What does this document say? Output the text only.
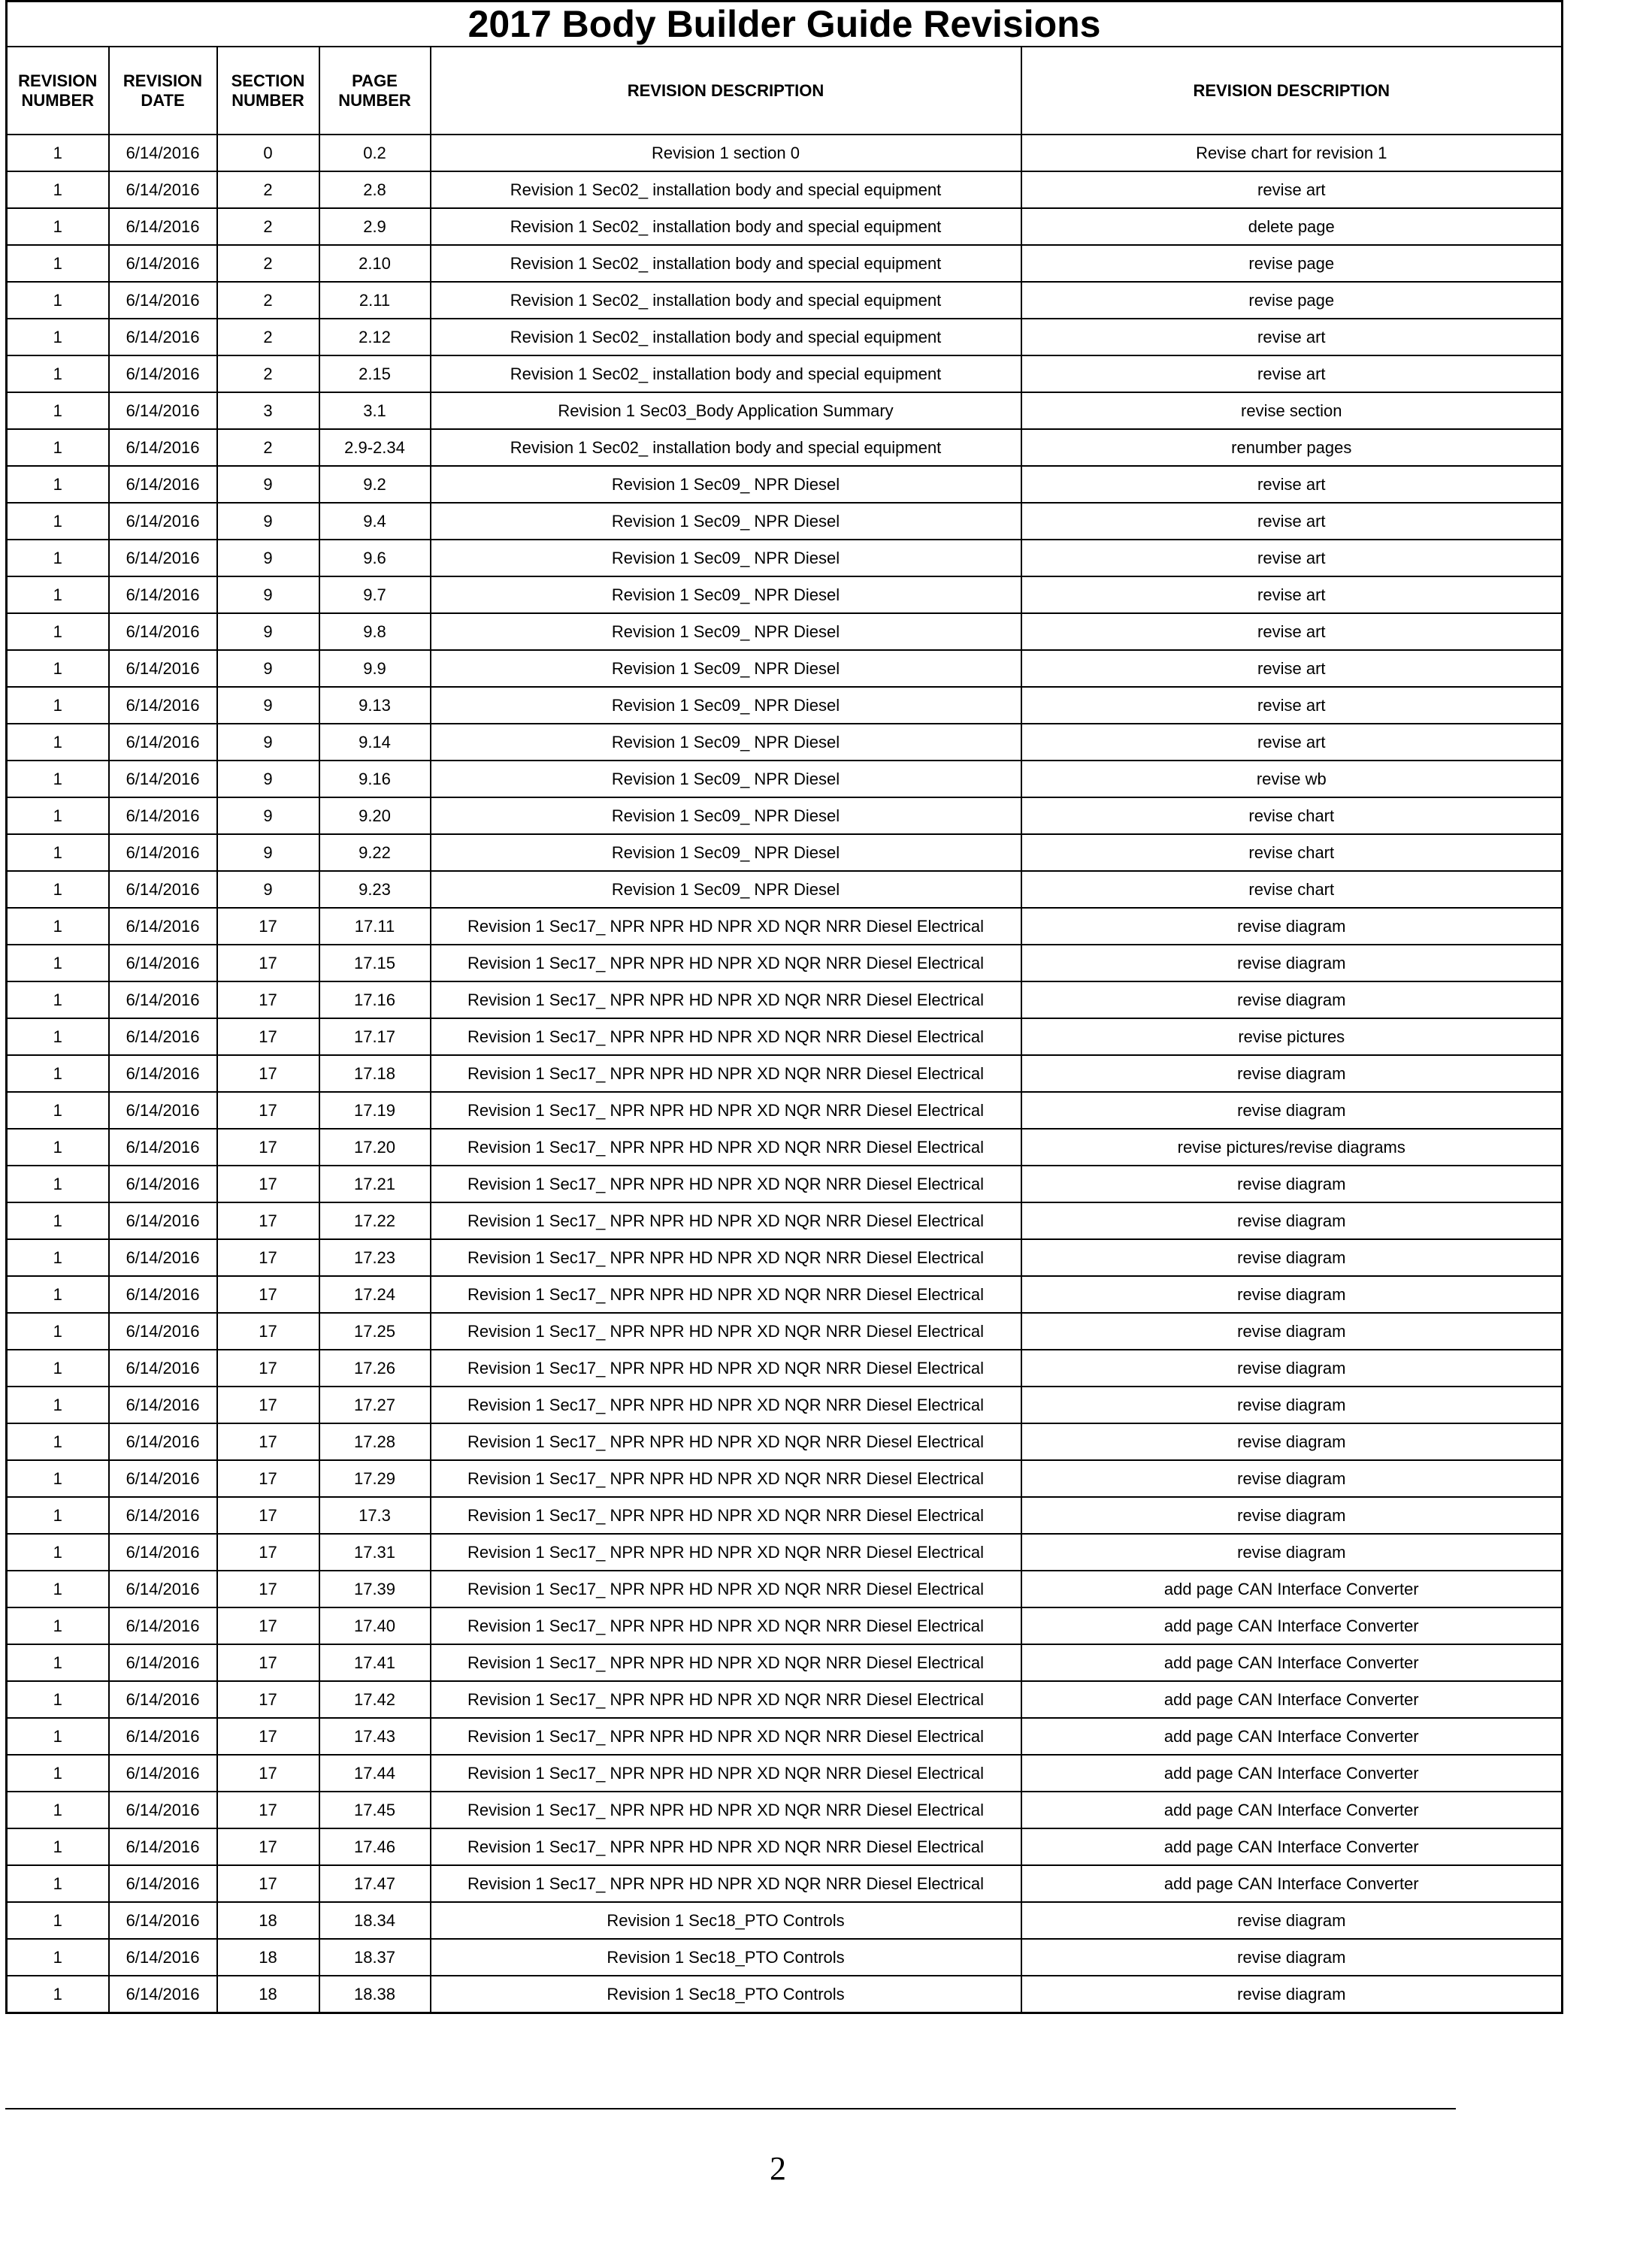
2017 Body Builder Guide Revisions					
REVISION NUMBER	REVISION DATE	SECTION NUMBER	PAGE NUMBER	REVISION DESCRIPTION	REVISION DESCRIPTION
1	6/14/2016	0	0.2	Revision 1 section 0	Revise chart for revision 1
1	6/14/2016	2	2.8	Revision 1 Sec02_ installation body and special equipment	revise art
1	6/14/2016	2	2.9	Revision 1 Sec02_ installation body and special equipment	delete page
1	6/14/2016	2	2.10	Revision 1 Sec02_ installation body and special equipment	revise page
1	6/14/2016	2	2.11	Revision 1 Sec02_ installation body and special equipment	revise page
1	6/14/2016	2	2.12	Revision 1 Sec02_ installation body and special equipment	revise art
1	6/14/2016	2	2.15	Revision 1 Sec02_ installation body and special equipment	revise art
1	6/14/2016	3	3.1	Revision 1 Sec03_Body Application Summary	revise section
1	6/14/2016	2	2.9-2.34	Revision 1 Sec02_ installation body and special equipment	renumber pages
1	6/14/2016	9	9.2	Revision 1 Sec09_ NPR Diesel	revise art
1	6/14/2016	9	9.4	Revision 1 Sec09_ NPR Diesel	revise art
1	6/14/2016	9	9.6	Revision 1 Sec09_ NPR Diesel	revise art
1	6/14/2016	9	9.7	Revision 1 Sec09_ NPR Diesel	revise art
1	6/14/2016	9	9.8	Revision 1 Sec09_ NPR Diesel	revise art
1	6/14/2016	9	9.9	Revision 1 Sec09_ NPR Diesel	revise art
1	6/14/2016	9	9.13	Revision 1 Sec09_ NPR Diesel	revise art
1	6/14/2016	9	9.14	Revision 1 Sec09_ NPR Diesel	revise art
1	6/14/2016	9	9.16	Revision 1 Sec09_ NPR Diesel	revise wb
1	6/14/2016	9	9.20	Revision 1 Sec09_ NPR Diesel	revise chart
1	6/14/2016	9	9.22	Revision 1 Sec09_ NPR Diesel	revise chart
1	6/14/2016	9	9.23	Revision 1 Sec09_ NPR Diesel	revise chart
1	6/14/2016	17	17.11	Revision 1 Sec17_ NPR NPR HD NPR XD NQR NRR Diesel Electrical	revise diagram
1	6/14/2016	17	17.15	Revision 1 Sec17_ NPR NPR HD NPR XD NQR NRR Diesel Electrical	revise diagram
1	6/14/2016	17	17.16	Revision 1 Sec17_ NPR NPR HD NPR XD NQR NRR Diesel Electrical	revise diagram
1	6/14/2016	17	17.17	Revision 1 Sec17_ NPR NPR HD NPR XD NQR NRR Diesel Electrical	revise pictures
1	6/14/2016	17	17.18	Revision 1 Sec17_ NPR NPR HD NPR XD NQR NRR Diesel Electrical	revise diagram
1	6/14/2016	17	17.19	Revision 1 Sec17_ NPR NPR HD NPR XD NQR NRR Diesel Electrical	revise diagram
1	6/14/2016	17	17.20	Revision 1 Sec17_ NPR NPR HD NPR XD NQR NRR Diesel Electrical	revise pictures/revise diagrams
1	6/14/2016	17	17.21	Revision 1 Sec17_ NPR NPR HD NPR XD NQR NRR Diesel Electrical	revise diagram
1	6/14/2016	17	17.22	Revision 1 Sec17_ NPR NPR HD NPR XD NQR NRR Diesel Electrical	revise diagram
1	6/14/2016	17	17.23	Revision 1 Sec17_ NPR NPR HD NPR XD NQR NRR Diesel Electrical	revise diagram
1	6/14/2016	17	17.24	Revision 1 Sec17_ NPR NPR HD NPR XD NQR NRR Diesel Electrical	revise diagram
1	6/14/2016	17	17.25	Revision 1 Sec17_ NPR NPR HD NPR XD NQR NRR Diesel Electrical	revise diagram
1	6/14/2016	17	17.26	Revision 1 Sec17_ NPR NPR HD NPR XD NQR NRR Diesel Electrical	revise diagram
1	6/14/2016	17	17.27	Revision 1 Sec17_ NPR NPR HD NPR XD NQR NRR Diesel Electrical	revise diagram
1	6/14/2016	17	17.28	Revision 1 Sec17_ NPR NPR HD NPR XD NQR NRR Diesel Electrical	revise diagram
1	6/14/2016	17	17.29	Revision 1 Sec17_ NPR NPR HD NPR XD NQR NRR Diesel Electrical	revise diagram
1	6/14/2016	17	17.3	Revision 1 Sec17_ NPR NPR HD NPR XD NQR NRR Diesel Electrical	revise diagram
1	6/14/2016	17	17.31	Revision 1 Sec17_ NPR NPR HD NPR XD NQR NRR Diesel Electrical	revise diagram
1	6/14/2016	17	17.39	Revision 1 Sec17_ NPR NPR HD NPR XD NQR NRR Diesel Electrical	add page CAN Interface Converter
1	6/14/2016	17	17.40	Revision 1 Sec17_ NPR NPR HD NPR XD NQR NRR Diesel Electrical	add page CAN Interface Converter
1	6/14/2016	17	17.41	Revision 1 Sec17_ NPR NPR HD NPR XD NQR NRR Diesel Electrical	add page CAN Interface Converter
1	6/14/2016	17	17.42	Revision 1 Sec17_ NPR NPR HD NPR XD NQR NRR Diesel Electrical	add page CAN Interface Converter
1	6/14/2016	17	17.43	Revision 1 Sec17_ NPR NPR HD NPR XD NQR NRR Diesel Electrical	add page CAN Interface Converter
1	6/14/2016	17	17.44	Revision 1 Sec17_ NPR NPR HD NPR XD NQR NRR Diesel Electrical	add page CAN Interface Converter
1	6/14/2016	17	17.45	Revision 1 Sec17_ NPR NPR HD NPR XD NQR NRR Diesel Electrical	add page CAN Interface Converter
1	6/14/2016	17	17.46	Revision 1 Sec17_ NPR NPR HD NPR XD NQR NRR Diesel Electrical	add page CAN Interface Converter
1	6/14/2016	17	17.47	Revision 1 Sec17_ NPR NPR HD NPR XD NQR NRR Diesel Electrical	add page CAN Interface Converter
1	6/14/2016	18	18.34	Revision 1 Sec18_PTO Controls	revise diagram
1	6/14/2016	18	18.37	Revision 1 Sec18_PTO Controls	revise diagram
1	6/14/2016	18	18.38	Revision 1 Sec18_PTO Controls	revise diagram
2
